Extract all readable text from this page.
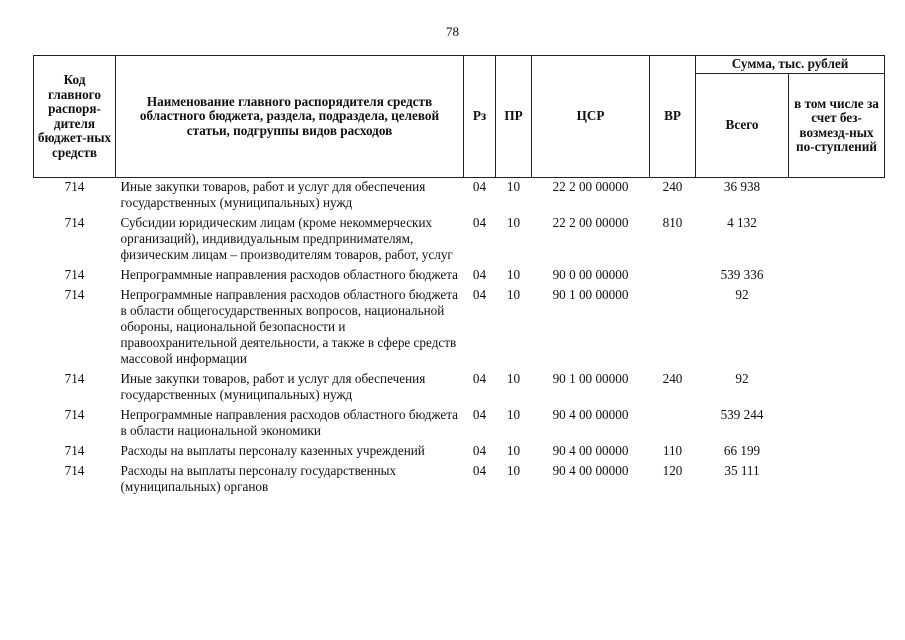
78
Код главного распоря-дителя бюджет-ных средств	Наименование главного распорядителя средств областного бюджета, раздела, подраздела, целевой статьи, подгруппы видов расходов	Рз	ПР	ЦСР	ВР	Сумма, тыс. рублей	
						Всего	в том числе за счет без-возмезд-ных по-ступлений
714	Иные закупки товаров, работ и услуг для обеспечения государственных (муниципальных) нужд	04	10	22 2 00 00000	240	36 938	
714	Субсидии юридическим лицам (кроме некоммерческих организаций), индивидуальным предпринимателям, физическим лицам – производителям товаров, работ, услуг	04	10	22 2 00 00000	810	4 132	
714	Непрограммные направления расходов областного бюджета	04	10	90 0 00 00000		539 336	
714	Непрограммные направления расходов областного бюджета в области общегосударственных вопросов, национальной обороны, национальной безопасности и правоохранительной деятельности, а также в сфере средств массовой информации	04	10	90 1 00 00000		92	
714	Иные закупки товаров, работ и услуг для обеспечения государственных (муниципальных) нужд	04	10	90 1 00 00000	240	92	
714	Непрограммные направления расходов областного бюджета в области национальной экономики	04	10	90 4 00 00000		539 244	
714	Расходы на выплаты персоналу казенных учреждений	04	10	90 4 00 00000	110	66 199	
714	Расходы на выплаты персоналу государственных (муниципальных) органов	04	10	90 4 00 00000	120	35 111	
